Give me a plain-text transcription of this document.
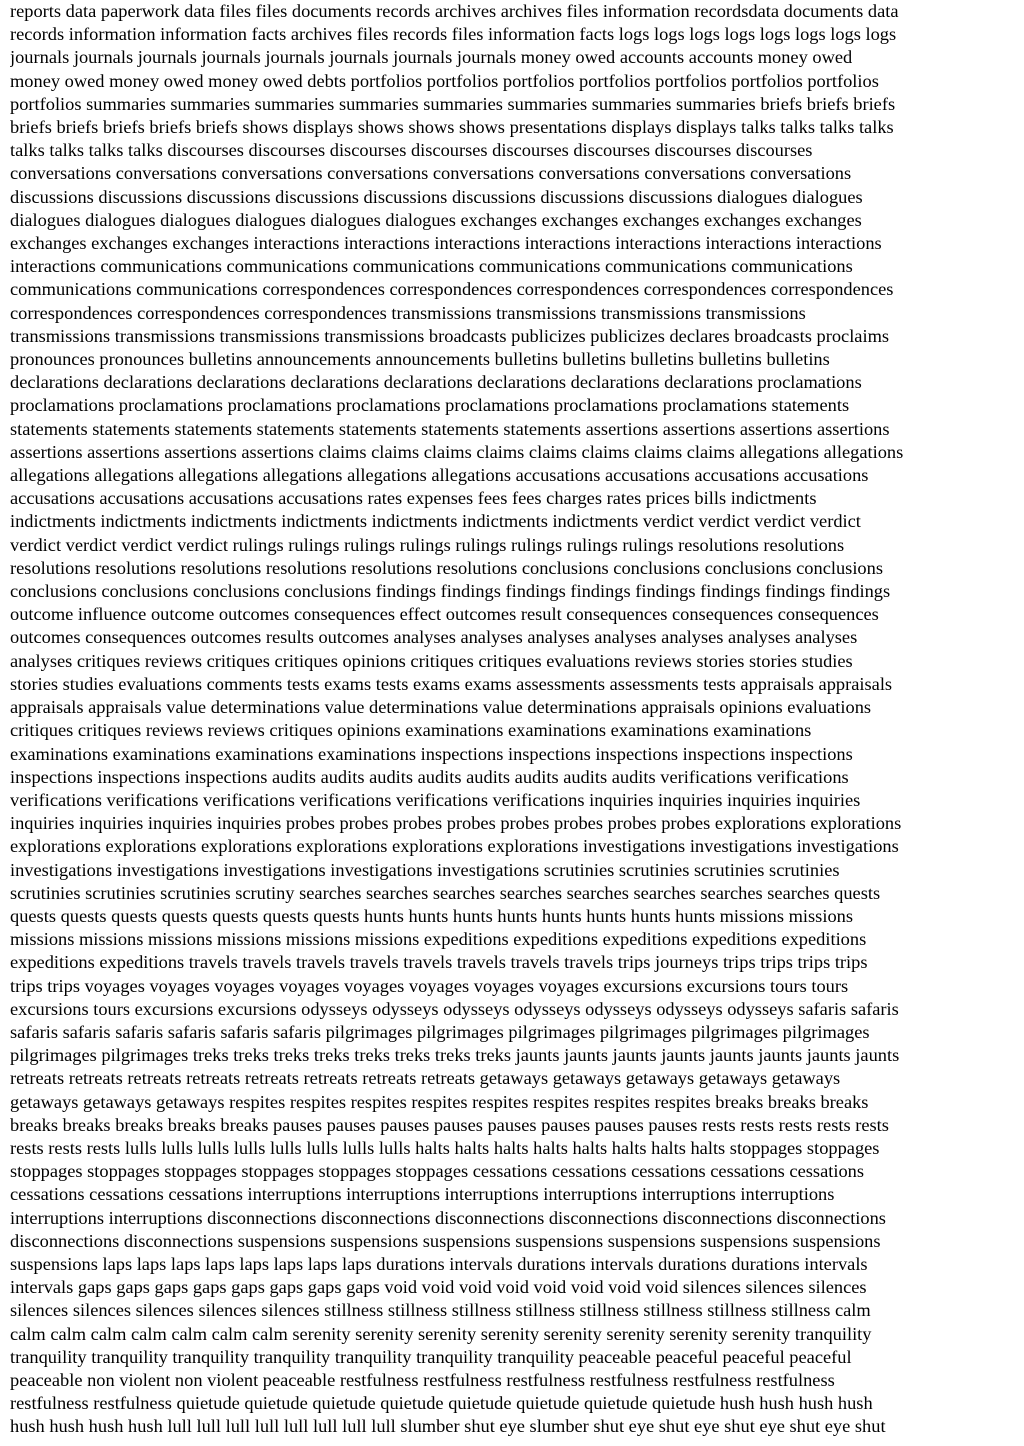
reports data paperwork data files files documents records archives archives files information recordsdata documents data
records information information facts archives files records files information facts logs logs logs logs logs logs logs logs
journals journals journals journals journals journals journals journals money owed accounts accounts money owed
money owed money owed money owed debts portfolios portfolios portfolios portfolios portfolios portfolios portfolios
portfolios summaries summaries summaries summaries summaries summaries summaries summaries briefs briefs briefs
briefs briefs briefs briefs briefs shows displays shows shows shows presentations displays displays talks talks talks talks
talks talks talks talks discourses discourses discourses discourses discourses discourses discourses discourses
conversations conversations conversations conversations conversations conversations conversations conversations
discussions discussions discussions discussions discussions discussions discussions discussions dialogues dialogues
dialogues dialogues dialogues dialogues dialogues dialogues exchanges exchanges exchanges exchanges exchanges
exchanges exchanges exchanges interactions interactions interactions interactions interactions interactions interactions
interactions communications communications communications communications communications communications
communications communications correspondences correspondences correspondences correspondences correspondences
correspondences correspondences correspondences transmissions transmissions transmissions transmissions
transmissions transmissions transmissions transmissions broadcasts publicizes publicizes declares broadcasts proclaims
pronounces pronounces bulletins announcements announcements bulletins bulletins bulletins bulletins bulletins
declarations declarations declarations declarations declarations declarations declarations declarations proclamations
proclamations proclamations proclamations proclamations proclamations proclamations proclamations statements
statements statements statements statements statements statements statements assertions assertions assertions assertions
assertions assertions assertions assertions claims claims claims claims claims claims claims claims allegations allegations
allegations allegations allegations allegations allegations allegations accusations accusations accusations accusations
accusations accusations accusations accusations rates expenses fees fees charges rates prices bills indictments
indictments indictments indictments indictments indictments indictments indictments verdict verdict verdict verdict
verdict verdict verdict verdict rulings rulings rulings rulings rulings rulings rulings rulings resolutions resolutions
resolutions resolutions resolutions resolutions resolutions resolutions conclusions conclusions conclusions conclusions
conclusions conclusions conclusions conclusions findings findings findings findings findings findings findings findings
outcome influence outcome outcomes consequences effect outcomes result consequences consequences consequences
outcomes consequences outcomes results outcomes analyses analyses analyses analyses analyses analyses analyses
analyses critiques reviews critiques critiques opinions critiques critiques evaluations reviews stories stories studies
stories studies evaluations comments tests exams tests exams exams assessments assessments tests appraisals appraisals
appraisals appraisals value determinations value determinations value determinations appraisals opinions evaluations
critiques critiques reviews reviews critiques opinions examinations examinations examinations examinations
examinations examinations examinations examinations inspections inspections inspections inspections inspections
inspections inspections inspections audits audits audits audits audits audits audits audits verifications verifications
verifications verifications verifications verifications verifications verifications inquiries inquiries inquiries inquiries
inquiries inquiries inquiries inquiries probes probes probes probes probes probes probes probes explorations explorations
explorations explorations explorations explorations explorations explorations investigations investigations investigations
investigations investigations investigations investigations investigations scrutinies scrutinies scrutinies scrutinies
scrutinies scrutinies scrutinies scrutiny searches searches searches searches searches searches searches searches quests
quests quests quests quests quests quests quests hunts hunts hunts hunts hunts hunts hunts hunts missions missions
missions missions missions missions missions missions expeditions expeditions expeditions expeditions expeditions
expeditions expeditions travels travels travels travels travels travels travels travels trips journeys trips trips trips trips
trips trips voyages voyages voyages voyages voyages voyages voyages voyages excursions excursions tours tours
excursions tours excursions excursions odysseys odysseys odysseys odysseys odysseys odysseys odysseys safaris safaris
safaris safaris safaris safaris safaris safaris pilgrimages pilgrimages pilgrimages pilgrimages pilgrimages pilgrimages
pilgrimages pilgrimages treks treks treks treks treks treks treks treks jaunts jaunts jaunts jaunts jaunts jaunts jaunts jaunts
retreats retreats retreats retreats retreats retreats retreats retreats getaways getaways getaways getaways getaways
getaways getaways getaways respites respites respites respites respites respites respites respites breaks breaks breaks
breaks breaks breaks breaks breaks pauses pauses pauses pauses pauses pauses pauses pauses rests rests rests rests rests
rests rests rests lulls lulls lulls lulls lulls lulls lulls lulls halts halts halts halts halts halts halts halts stoppages stoppages
stoppages stoppages stoppages stoppages stoppages stoppages cessations cessations cessations cessations cessations
cessations cessations cessations interruptions interruptions interruptions interruptions interruptions interruptions
interruptions interruptions disconnections disconnections disconnections disconnections disconnections disconnections
disconnections disconnections suspensions suspensions suspensions suspensions suspensions suspensions suspensions
suspensions laps laps laps laps laps laps laps laps durations intervals durations intervals durations durations intervals
intervals gaps gaps gaps gaps gaps gaps gaps gaps void void void void void void void void silences silences silences
silences silences silences silences silences stillness stillness stillness stillness stillness stillness stillness stillness calm
calm calm calm calm calm calm calm serenity serenity serenity serenity serenity serenity serenity serenity tranquility
tranquility tranquility tranquility tranquility tranquility tranquility tranquility peaceable peaceful peaceful peaceful
peaceable non violent non violent peaceable restfulness restfulness restfulness restfulness restfulness restfulness
restfulness restfulness quietude quietude quietude quietude quietude quietude quietude quietude hush hush hush hush
hush hush hush hush lull lull lull lull lull lull lull lull slumber shut eye slumber shut eye shut eye shut eye shut eye shut
